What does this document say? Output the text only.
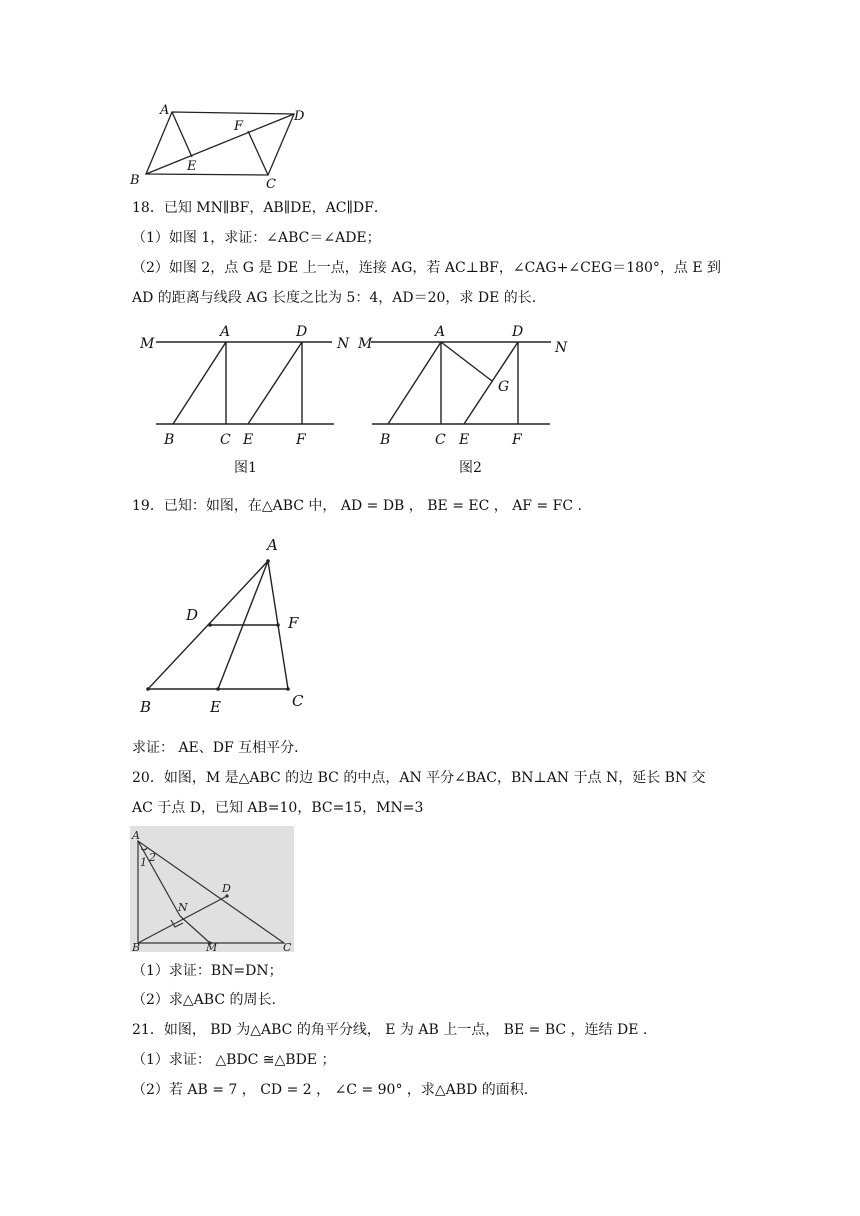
A	D
F
E
B	C
18．已知 MN∥BF，AB∥DE，AC∥DF．
（1）如图 1，求证：∠ABC＝∠ADE；
（2）如图 2，点 G 是 DE 上一点，连接 AG，若 AC⊥BF，∠CAG+∠CEG＝180°，点 E 到
AD 的距离与线段 AG 长度之比为 5：4，AD＝20，求 DE 的长．
M	N
A	D
B	C E	F
M	N
A	D
G
B	C E	F
图1	图2
19．已知：如图，在△ABC 中， AD = DB ， BE = EC ， AF = FC .
A
D	F
B	E	C
求证： AE、DF 互相平分．
20．如图，M 是△ABC 的边 BC 的中点，AN 平分∠BAC，BN⊥AN 于点 N，延长 BN 交
AC 于点 D，已知 AB=10，BC=15，MN=3
A
1 2
D
N
B	M	C
（1）求证：BN=DN；
（2）求△ABC 的周长.
21．如图， BD 为△ABC 的角平分线， E 为 AB 上一点， BE = BC ，连结 DE .
（1）求证： △BDC ≅△BDE ；
（2）若 AB = 7 ， CD = 2 ， ∠C = 90° ，求△ABD 的面积.
